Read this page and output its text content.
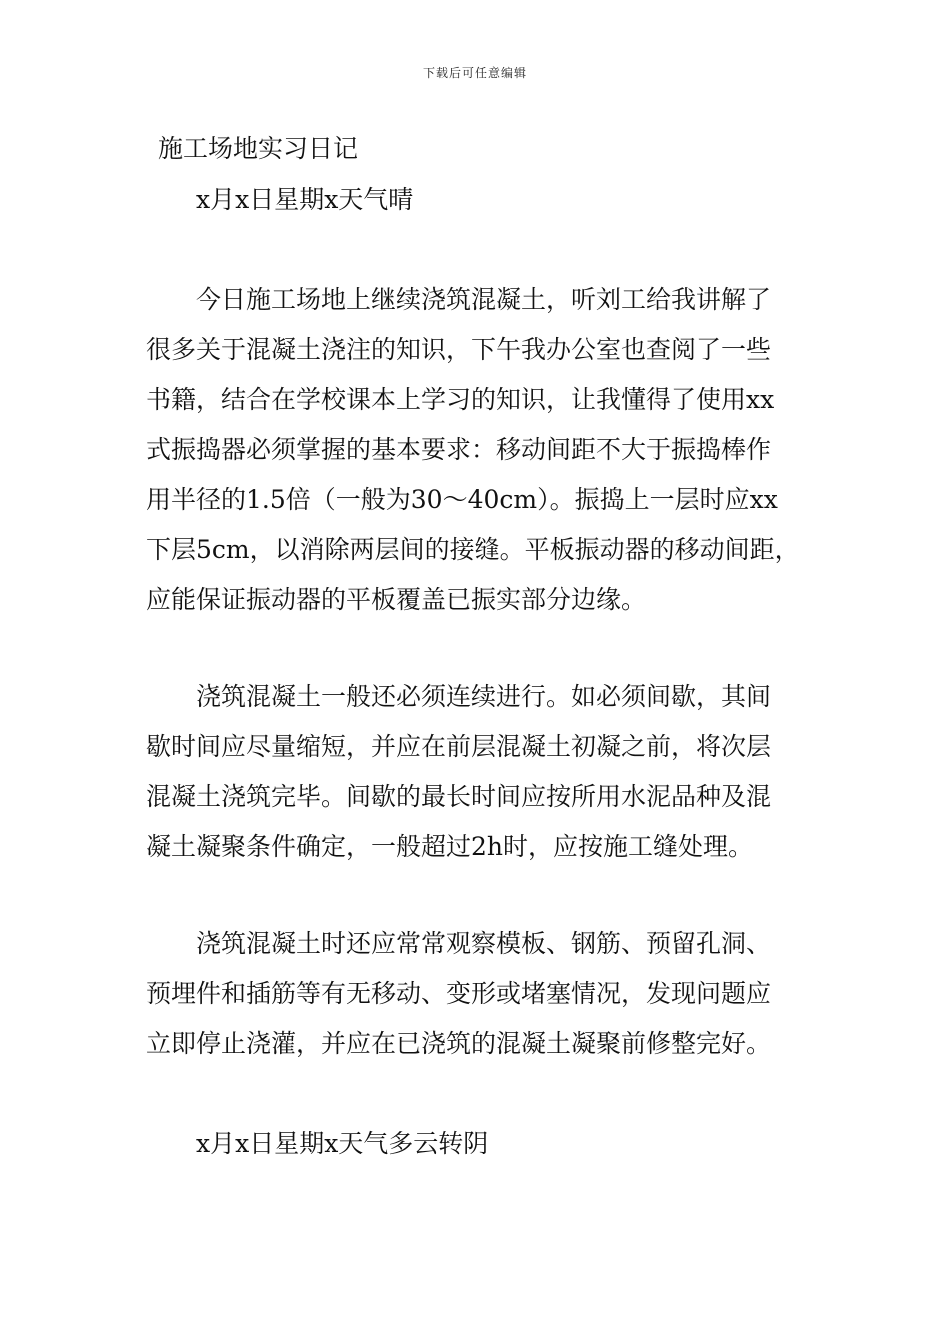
下载后可任意编辑
施工场地实习日记
x月x日星期x天气晴
今日施工场地上继续浇筑混凝土，听刘工给我讲解了
很多关于混凝土浇注的知识，下午我办公室也查阅了一些
书籍，结合在学校课本上学习的知识，让我懂得了使用xx
式振捣器必须掌握的基本要求：移动间距不大于振捣棒作
用半径的1.5倍（一般为30～40cm）。振捣上一层时应xx
下层5cm，以消除两层间的接缝。平板振动器的移动间距，
应能保证振动器的平板覆盖已振实部分边缘。
浇筑混凝土一般还必须连续进行。如必须间歇，其间
歇时间应尽量缩短，并应在前层混凝土初凝之前，将次层
混凝土浇筑完毕。间歇的最长时间应按所用水泥品种及混
凝土凝聚条件确定，一般超过2h时，应按施工缝处理。
浇筑混凝土时还应常常观察模板、钢筋、预留孔洞、
预埋件和插筋等有无移动、变形或堵塞情况，发现问题应
立即停止浇灌，并应在已浇筑的混凝土凝聚前修整完好。
x月x日星期x天气多云转阴
